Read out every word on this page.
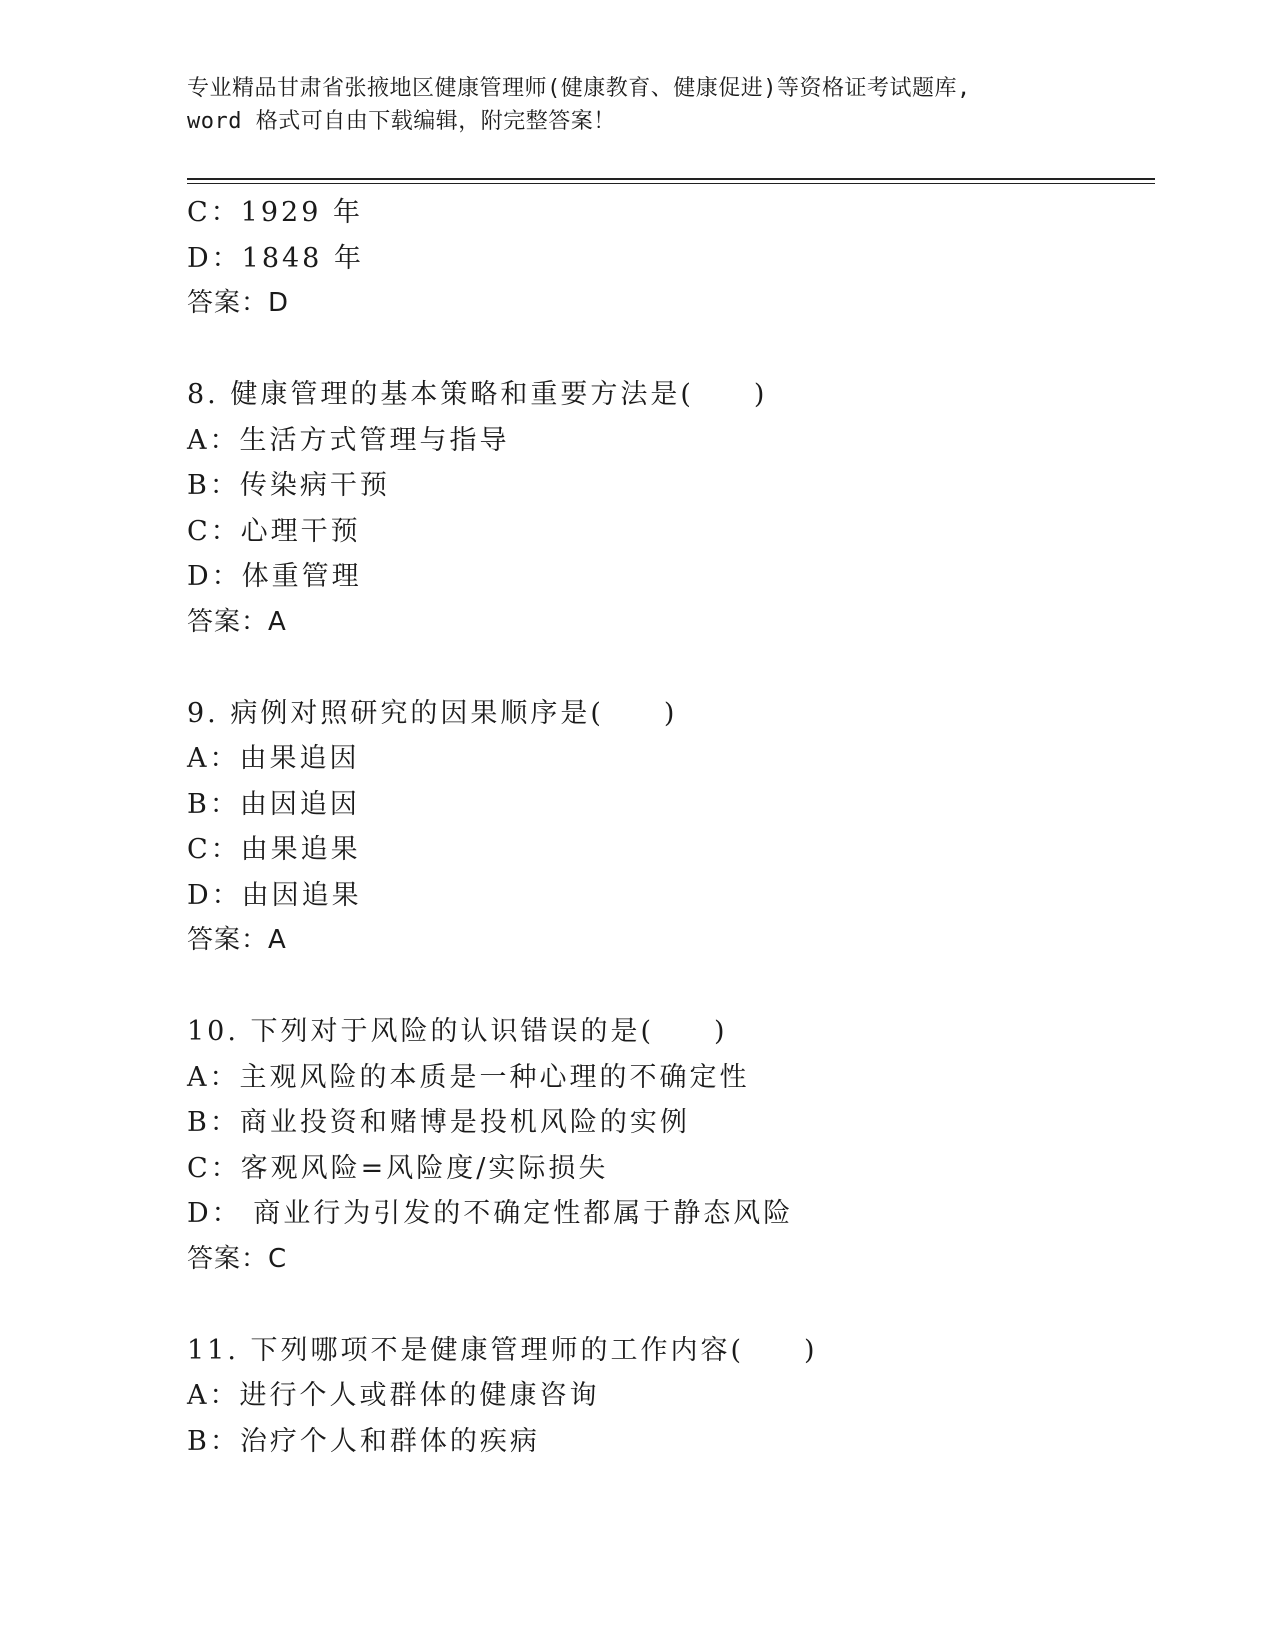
专业精品甘肃省张掖地区健康管理师(健康教育、健康促进)等资格证考试题库,
word 格式可自由下载编辑，附完整答案！
C：1929 年
D：1848 年
答案：D
8. 健康管理的基本策略和重要方法是(　　)
A：生活方式管理与指导
B：传染病干预
C：心理干预
D：体重管理
答案：A
9. 病例对照研究的因果顺序是(　　)
A：由果追因
B：由因追因
C：由果追果
D：由因追果
答案：A
10. 下列对于风险的认识错误的是(　　)
A：主观风险的本质是一种心理的不确定性
B：商业投资和赌博是投机风险的实例
C：客观风险=风险度/实际损失
D： 商业行为引发的不确定性都属于静态风险
答案：C
11. 下列哪项不是健康管理师的工作内容(　　)
A：进行个人或群体的健康咨询
B：治疗个人和群体的疾病
